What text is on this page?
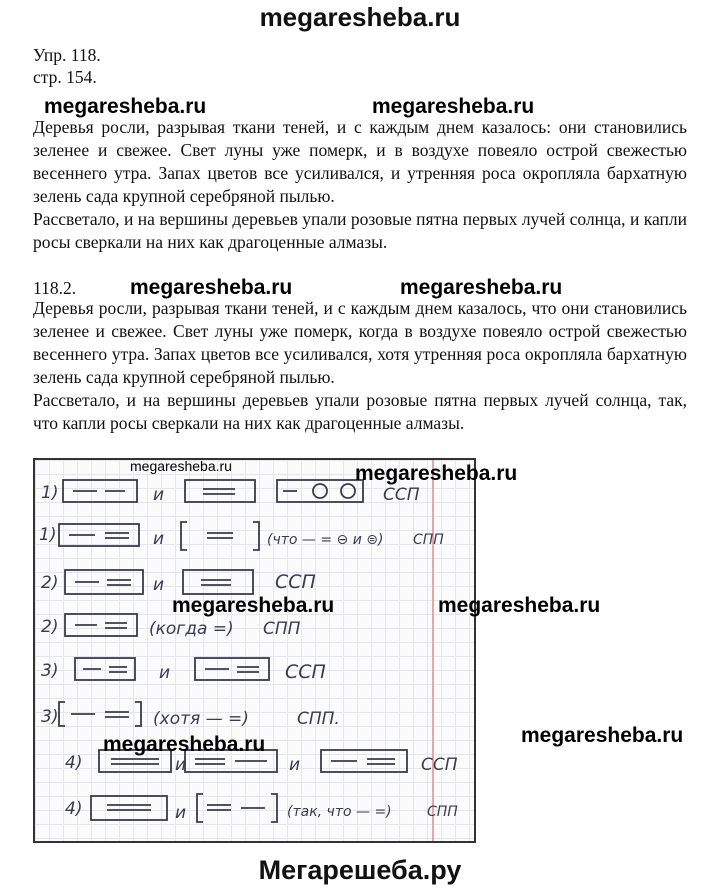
megaresheba.ru
Упр. 118.
стр. 154.
megaresheba.ru	megaresheba.ru

Деревья росли, разрывая ткани теней, и с каждым днем казалось: они становились зеленее и свежее. Свет луны уже померк, и в воздухе повеяло острой свежестью весеннего утра. Запах цветов все усиливался, и утренняя роса окропляла бархатную зелень сада крупной серебряной пылью.

Рассветало, и на вершины деревьев упали розовые пятна первых лучей солнца, и капли росы сверкали на них как драгоценные алмазы.

118.2.	megaresheba.ru	megaresheba.ru

Деревья росли, разрывая ткани теней, и с каждым днем казалось, что они становились зеленее и свежее. Свет луны уже померк, когда в воздухе повеяло острой свежестью весеннего утра. Запах цветов все усиливался, хотя утренняя роса окропляла бархатную зелень сада крупной серебряной пылью.

Рассветало, и на вершины деревьев упали розовые пятна первых лучей солнца, так, что капли росы сверкали на них как драгоценные алмазы.

1)	и	ССП
1)	и	(что — = ⊖ и ⊜) СПП
2)	и	ССП
2)	(когда =) СПП
3)	и	ССП
3)	(хотя — =)	СПП.
4)	и	и	ССП
4)	и	(так, что — =)	СПП
megaresheba.ru	megaresheba.ru
megaresheba.ru	megaresheba.ru
megaresheba.ru
megaresheba.ru
Мегарешеба.ру
